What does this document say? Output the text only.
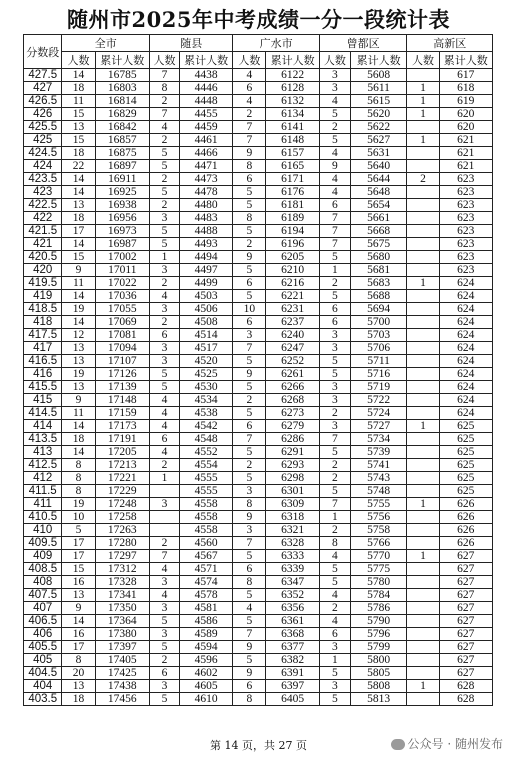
随州市2025年中考成绩一分一段统计表
分数段	全市		随县		广水市		曾都区		高新区	
	人数	累计人数	人数	累计人数	人数	累计人数	人数	累计人数	人数	累计人数
427.5	14	16785	7	4438	4	6122	3	5608		617
427	18	16803	8	4446	6	6128	3	5611	1	618
426.5	11	16814	2	4448	4	6132	4	5615	1	619
426	15	16829	7	4455	2	6134	5	5620	1	620
425.5	13	16842	4	4459	7	6141	2	5622		620
425	15	16857	2	4461	7	6148	5	5627	1	621
424.5	18	16875	5	4466	9	6157	4	5631		621
424	22	16897	5	4471	8	6165	9	5640		621
423.5	14	16911	2	4473	6	6171	4	5644	2	623
423	14	16925	5	4478	5	6176	4	5648		623
422.5	13	16938	2	4480	5	6181	6	5654		623
422	18	16956	3	4483	8	6189	7	5661		623
421.5	17	16973	5	4488	5	6194	7	5668		623
421	14	16987	5	4493	2	6196	7	5675		623
420.5	15	17002	1	4494	9	6205	5	5680		623
420	9	17011	3	4497	5	6210	1	5681		623
419.5	11	17022	2	4499	6	6216	2	5683	1	624
419	14	17036	4	4503	5	6221	5	5688		624
418.5	19	17055	3	4506	10	6231	6	5694		624
418	14	17069	2	4508	6	6237	6	5700		624
417.5	12	17081	6	4514	3	6240	3	5703		624
417	13	17094	3	4517	7	6247	3	5706		624
416.5	13	17107	3	4520	5	6252	5	5711		624
416	19	17126	5	4525	9	6261	5	5716		624
415.5	13	17139	5	4530	5	6266	3	5719		624
415	9	17148	4	4534	2	6268	3	5722		624
414.5	11	17159	4	4538	5	6273	2	5724		624
414	14	17173	4	4542	6	6279	3	5727	1	625
413.5	18	17191	6	4548	7	6286	7	5734		625
413	14	17205	4	4552	5	6291	5	5739		625
412.5	8	17213	2	4554	2	6293	2	5741		625
412	8	17221	1	4555	5	6298	2	5743		625
411.5	8	17229		4555	3	6301	5	5748		625
411	19	17248	3	4558	8	6309	7	5755	1	626
410.5	10	17258		4558	9	6318	1	5756		626
410	5	17263		4558	3	6321	2	5758		626
409.5	17	17280	2	4560	7	6328	8	5766		626
409	17	17297	7	4567	5	6333	4	5770	1	627
408.5	15	17312	4	4571	6	6339	5	5775		627
408	16	17328	3	4574	8	6347	5	5780		627
407.5	13	17341	4	4578	5	6352	4	5784		627
407	9	17350	3	4581	4	6356	2	5786		627
406.5	14	17364	5	4586	5	6361	4	5790		627
406	16	17380	3	4589	7	6368	6	5796		627
405.5	17	17397	5	4594	9	6377	3	5799		627
405	8	17405	2	4596	5	6382	1	5800		627
404.5	20	17425	6	4602	9	6391	5	5805		627
404	13	17438	3	4605	6	6397	3	5808	1	628
403.5	18	17456	5	4610	8	6405	5	5813		628
第 14 页，共 27 页	公众号 · 随州发布
